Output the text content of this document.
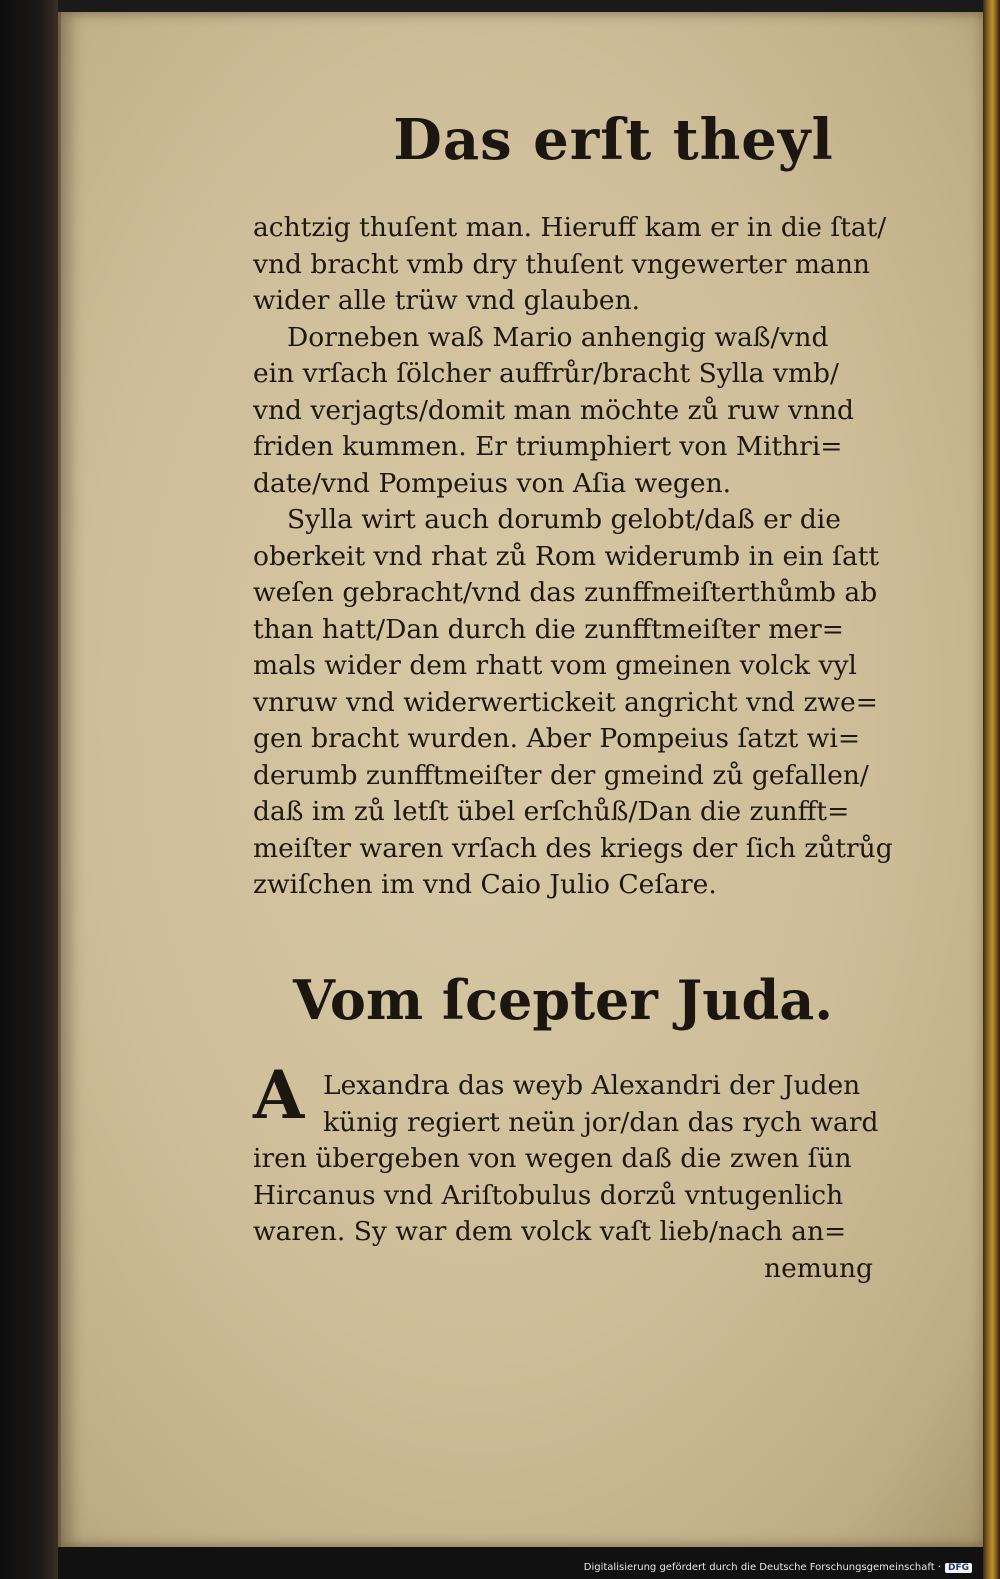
Das erſt theyl
achtzig thuſent man. Hieruff kam er in die ſtat/
vnd bracht vmb dry thuſent vngewerter mann
wider alle trüw vnd glauben.
Dorneben waß Mario anhengig waß/vnd
ein vrſach ſölcher auffrůr/bracht Sylla vmb/
vnd verjagts/domit man möchte zů ruw vnnd
friden kummen. Er triumphiert von Mithri=
date/vnd Pompeius von Aſia wegen.
Sylla wirt auch dorumb gelobt/daß er die
oberkeit vnd rhat zů Rom widerumb in ein ſatt
weſen gebracht/vnd das zunffmeiſterthůmb ab
than hatt/Dan durch die zunfftmeiſter mer=
mals wider dem rhatt vom gmeinen volck vyl
vnruw vnd widerwertickeit angricht vnd zwe=
gen bracht wurden. Aber Pompeius ſatzt wi=
derumb zunfftmeiſter der gmeind zů gefallen/
daß im zů letſt übel erſchůß/Dan die zunfft=
meiſter waren vrſach des kriegs der ſich zůtrůg
zwiſchen im vnd Caio Julio Ceſare.
Vom ſcepter Juda.
A Lexandra das weyb Alexandri der Juden
künig regiert neün jor/dan das rych ward
iren übergeben von wegen daß die zwen ſün
Hircanus vnd Ariſtobulus dorzů vntugenlich
waren. Sy war dem volck vaſt lieb/nach an=
nemung
Digitalisierung gefördert durch die Deutsche Forschungsgemeinschaft · DFG
